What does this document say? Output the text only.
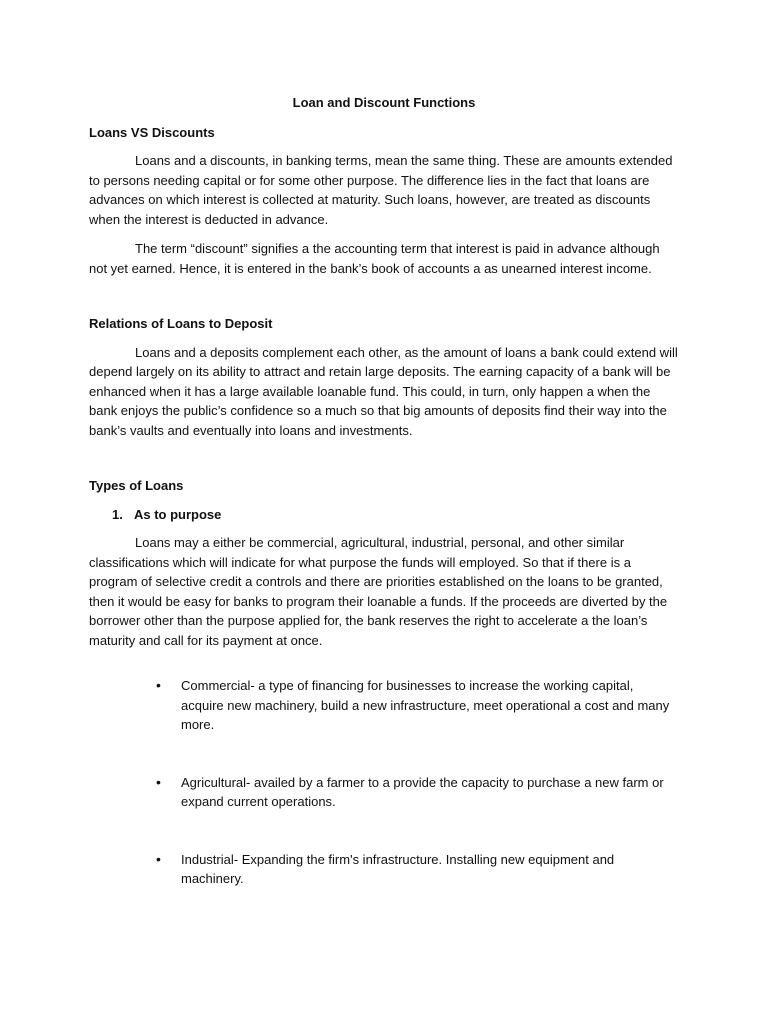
Loan and Discount Functions
Loans VS Discounts

Loans and a discounts, in banking terms, mean the same thing. These are amounts extended to persons needing capital or for some other purpose. The difference lies in the fact that loans are advances on which interest is collected at maturity. Such loans, however, are treated as discounts when the interest is deducted in advance.

The term “discount” signifies a the accounting term that interest is paid in advance although not yet earned. Hence, it is entered in the bank’s book of accounts a as unearned interest income.

Relations of Loans to Deposit

Loans and a deposits complement each other, as the amount of loans a bank could extend will depend largely on its ability to attract and retain large deposits. The earning capacity of a bank will be enhanced when it has a large available loanable fund. This could, in turn, only happen a when the bank enjoys the public’s confidence so a much so that big amounts of deposits find their way into the bank’s vaults and eventually into loans and investments.

Types of Loans
1. As to purpose

Loans may a either be commercial, agricultural, industrial, personal, and other similar classifications which will indicate for what purpose the funds will employed. So that if there is a program of selective credit a controls and there are priorities established on the loans to be granted, then it would be easy for banks to program their loanable a funds. If the proceeds are diverted by the borrower other than the purpose applied for, the bank reserves the right to accelerate a the loan’s maturity and call for its payment at once.

•	Commercial- a type of financing for businesses to increase the working capital, acquire new machinery, build a new infrastructure, meet operational a cost and many more.
•	Agricultural- availed by a farmer to a provide the capacity to purchase a new farm or expand current operations.
•	Industrial- Expanding the firm's infrastructure. Installing new equipment and machinery.
